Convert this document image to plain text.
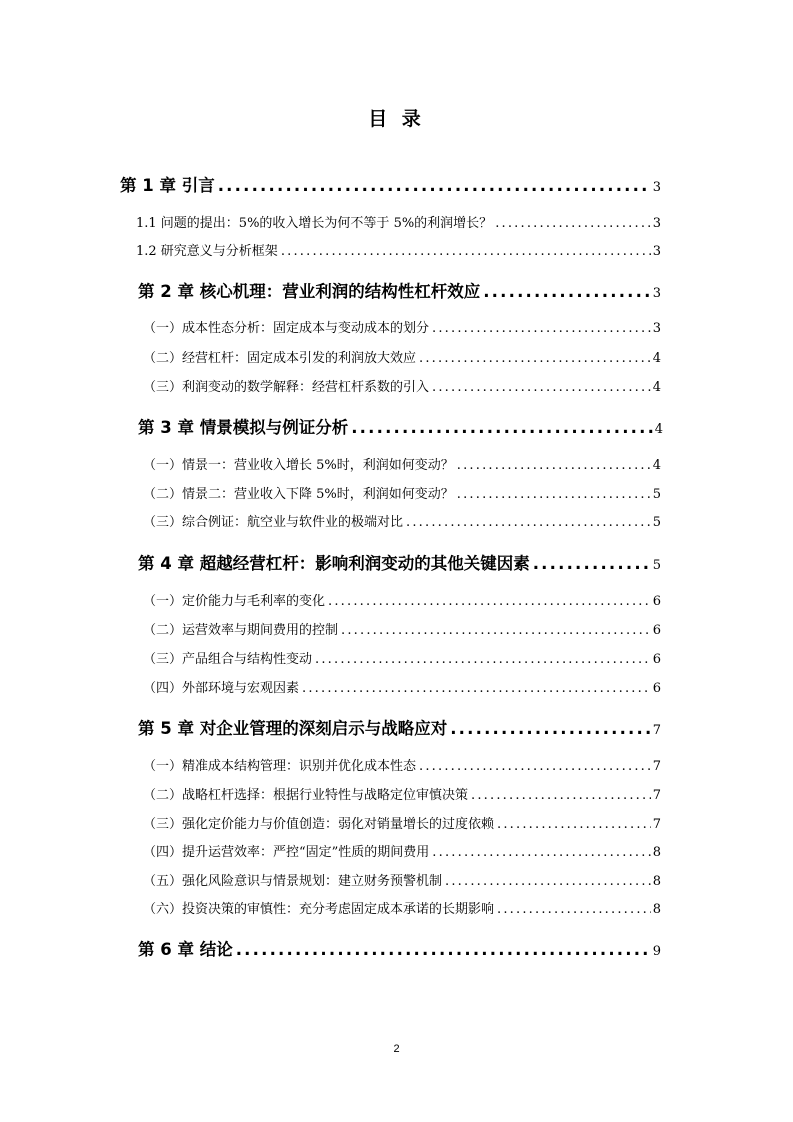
目 录
第 1 章 引言 .....	3
1.1 问题的提出：5%的收入增长为何不等于 5%的利润增长？ .....	3
1.2 研究意义与分析框架 .....	3
第 2 章 核心机理：营业利润的结构性杠杆效应 .....	3
（一）成本性态分析：固定成本与变动成本的划分 .....	3
（二）经营杠杆：固定成本引发的利润放大效应 .....	4
（三）利润变动的数学解释：经营杠杆系数的引入 .....	4
第 3 章 情景模拟与例证分析 .....	4
（一）情景一：营业收入增长 5%时，利润如何变动？ .....	4
（二）情景二：营业收入下降 5%时，利润如何变动？ .....	5
（三）综合例证：航空业与软件业的极端对比 .....	5
第 4 章 超越经营杠杆：影响利润变动的其他关键因素 .....	5
（一）定价能力与毛利率的变化 .....	6
（二）运营效率与期间费用的控制 .....	6
（三）产品组合与结构性变动 .....	6
（四）外部环境与宏观因素 .....	6
第 5 章 对企业管理的深刻启示与战略应对 .....	7
（一）精准成本结构管理：识别并优化成本性态 .....	7
（二）战略杠杆选择：根据行业特性与战略定位审慎决策 .....	7
（三）强化定价能力与价值创造：弱化对销量增长的过度依赖 .....	7
（四）提升运营效率：严控“固定”性质的期间费用 .....	8
（五）强化风险意识与情景规划：建立财务预警机制 .....	8
（六）投资决策的审慎性：充分考虑固定成本承诺的长期影响 .....	8
第 6 章 结论 .....	9
2
